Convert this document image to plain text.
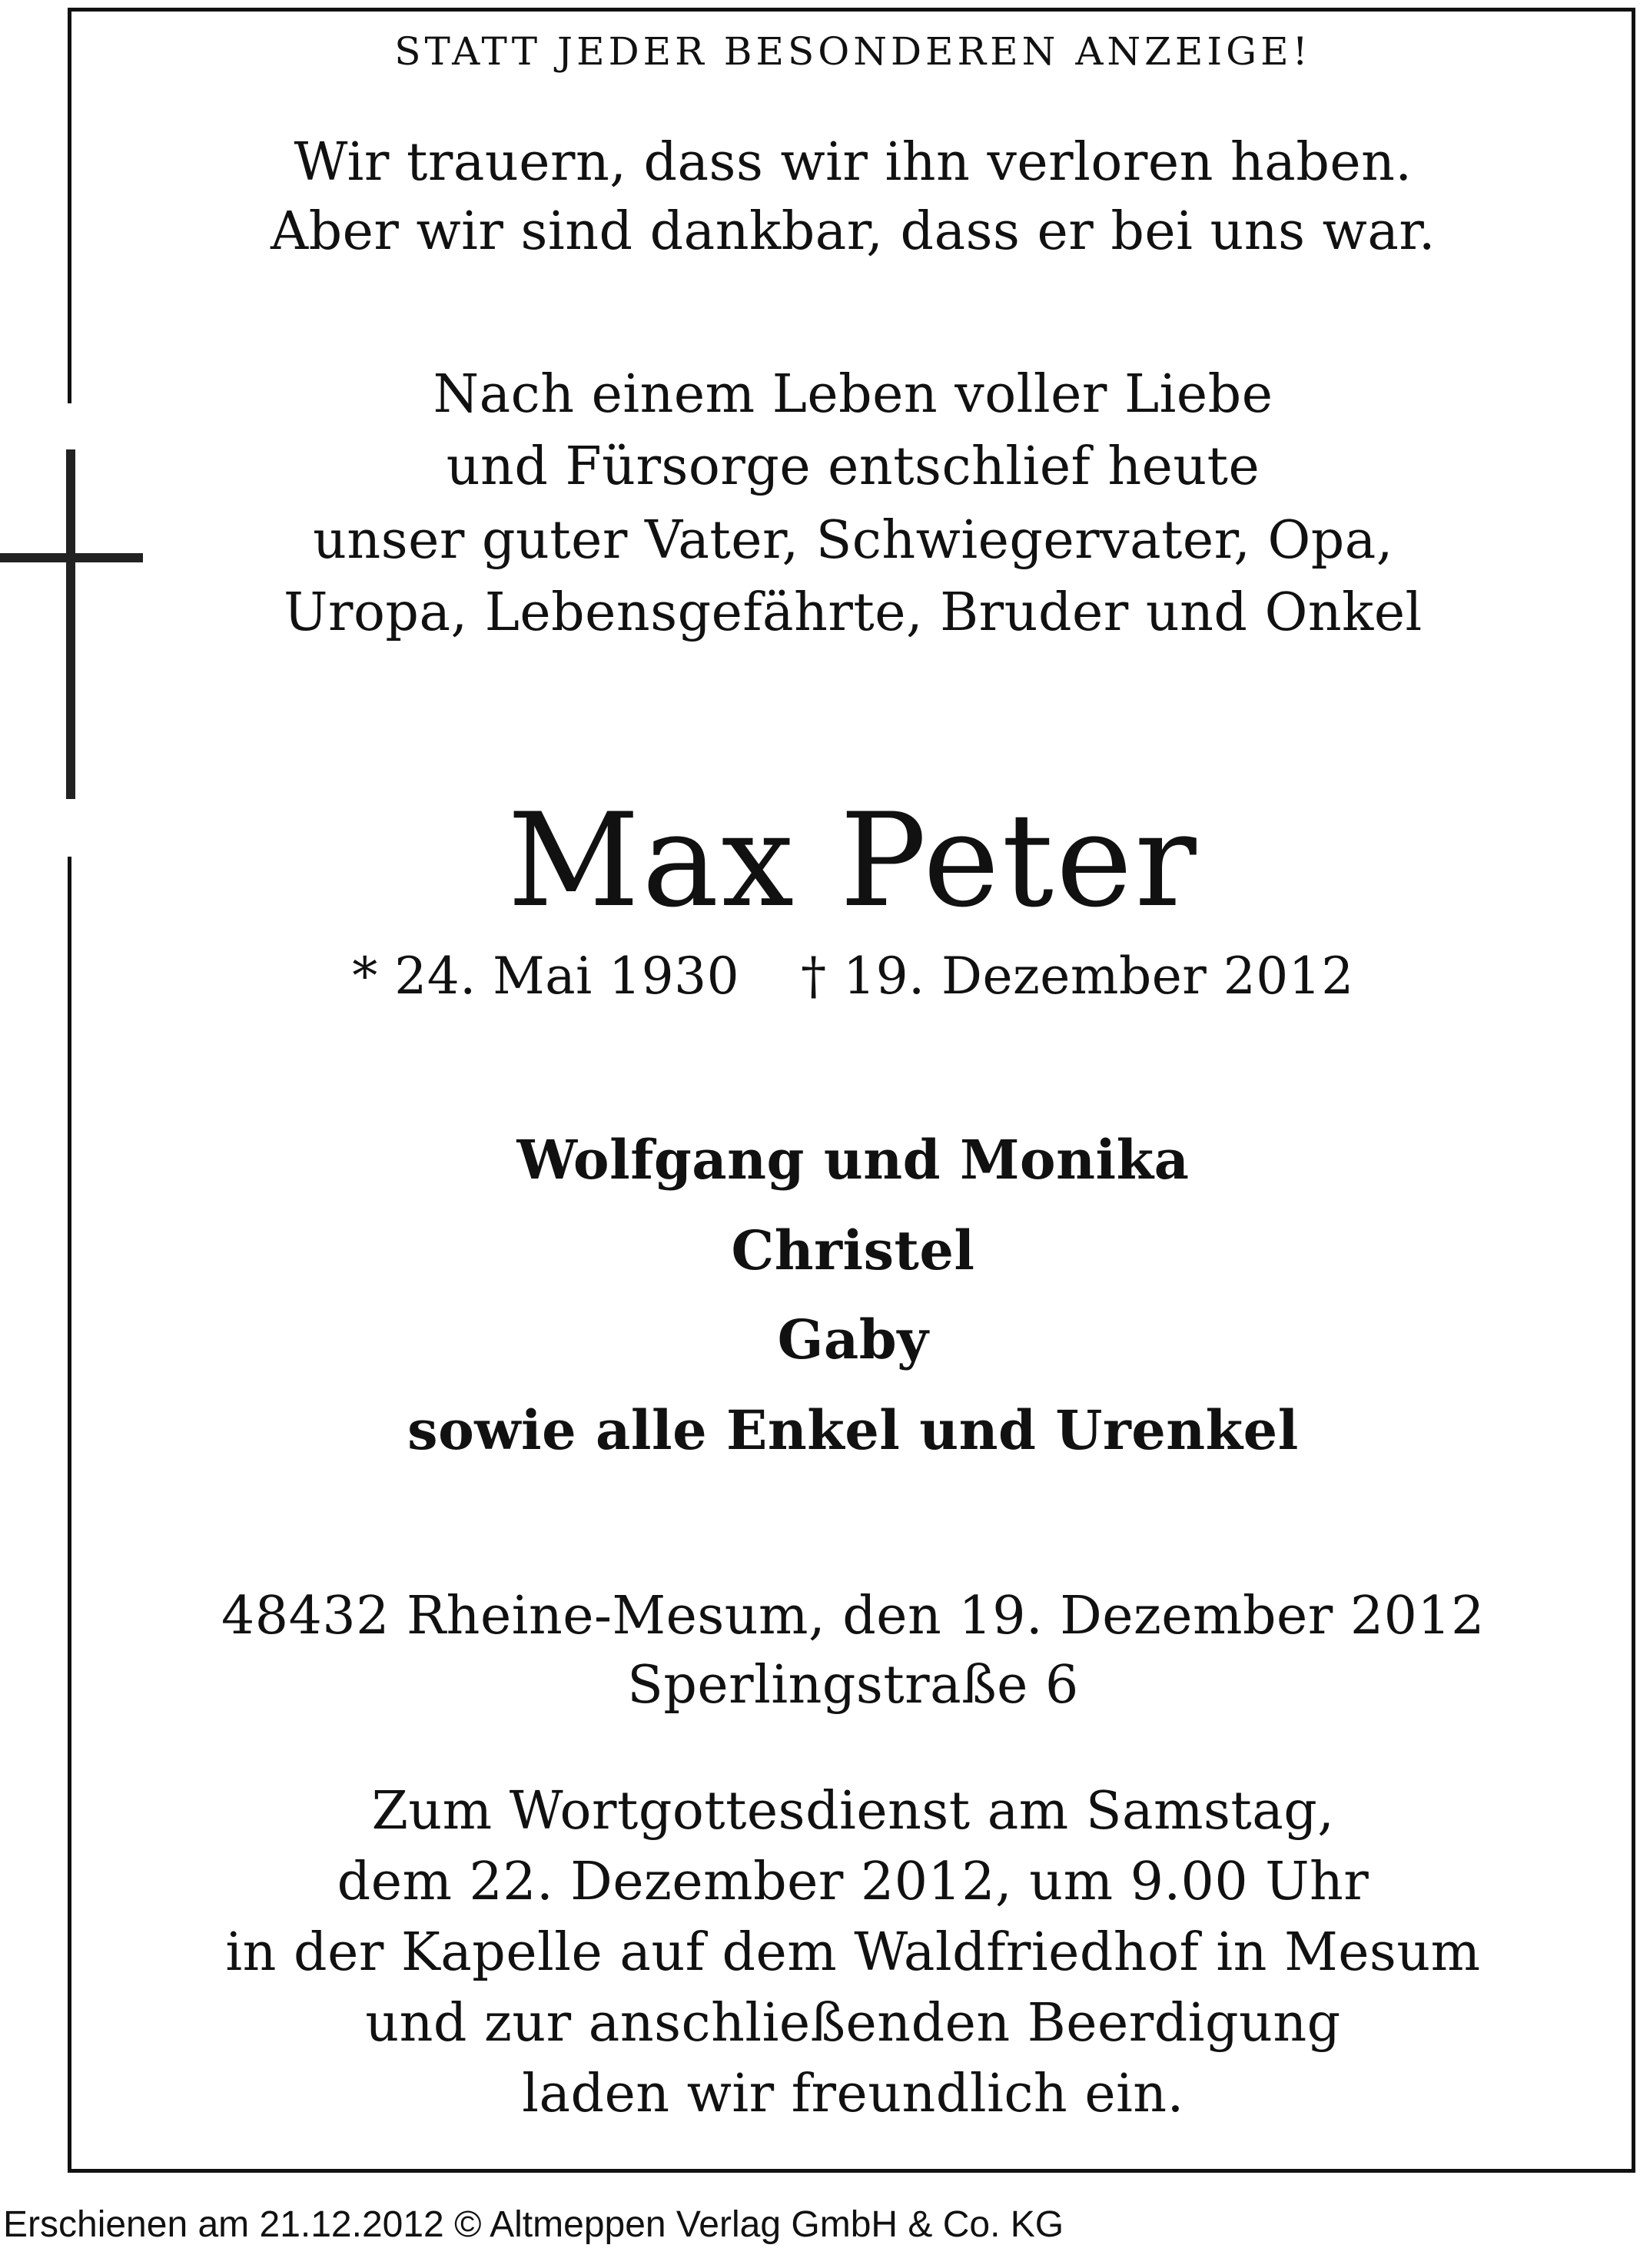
STATT JEDER BESONDEREN ANZEIGE!
Wir trauern, dass wir ihn verloren haben.
Aber wir sind dankbar, dass er bei uns war.
Nach einem Leben voller Liebe
und Fürsorge entschlief heute
unser guter Vater, Schwiegervater, Opa,
Uropa, Lebensgefährte, Bruder und Onkel
Max Peter
* 24. Mai 1930 † 19. Dezember 2012
Wolfgang und Monika
Christel
Gaby
sowie alle Enkel und Urenkel
48432 Rheine-Mesum, den 19. Dezember 2012
Sperlingstraße 6
Zum Wortgottesdienst am Samstag,
dem 22. Dezember 2012, um 9.00 Uhr
in der Kapelle auf dem Waldfriedhof in Mesum
und zur anschließenden Beerdigung
laden wir freundlich ein.
Erschienen am 21.12.2012 © Altmeppen Verlag GmbH & Co. KG
